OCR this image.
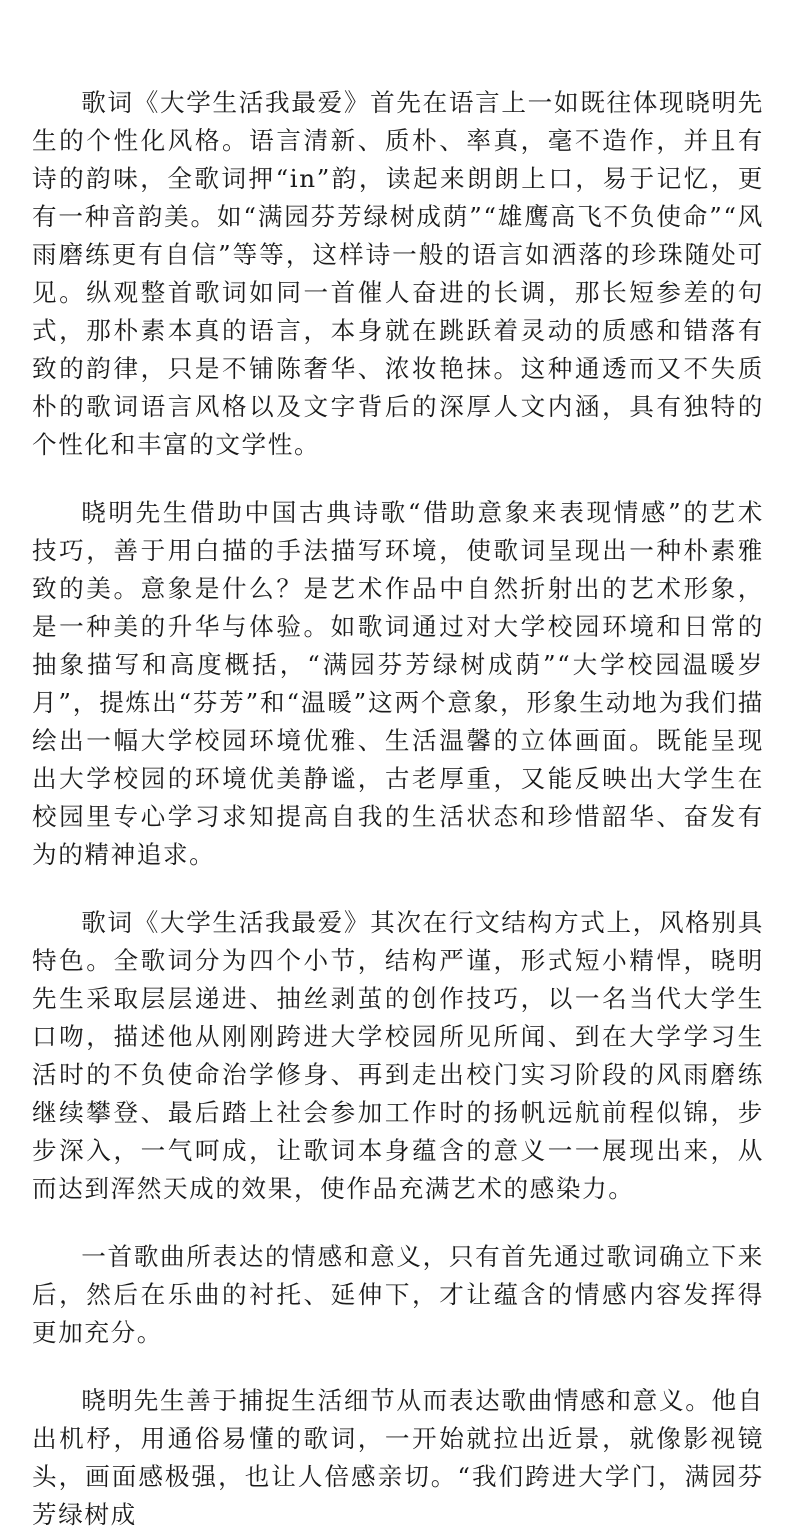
歌词《大学生活我最爱》首先在语言上一如既往体现晓明先生的个性化风格。语言清新、质朴、率真，毫不造作，并且有诗的韵味，全歌词押“in”韵，读起来朗朗上口，易于记忆，更有一种音韵美。如“满园芬芳绿树成荫”“雄鹰高飞不负使命”“风雨磨练更有自信”等等，这样诗一般的语言如洒落的珍珠随处可见。纵观整首歌词如同一首催人奋进的长调，那长短参差的句式，那朴素本真的语言，本身就在跳跃着灵动的质感和错落有致的韵律，只是不铺陈奢华、浓妆艳抹。这种通透而又不失质朴的歌词语言风格以及文字背后的深厚人文内涵，具有独特的个性化和丰富的文学性。

晓明先生借助中国古典诗歌“借助意象来表现情感”的艺术技巧，善于用白描的手法描写环境，使歌词呈现出一种朴素雅致的美。意象是什么？是艺术作品中自然折射出的艺术形象，是一种美的升华与体验。如歌词通过对大学校园环境和日常的抽象描写和高度概括，“满园芬芳绿树成荫”“大学校园温暖岁月”，提炼出“芬芳”和“温暖”这两个意象，形象生动地为我们描绘出一幅大学校园环境优雅、生活温馨的立体画面。既能呈现出大学校园的环境优美静谧，古老厚重，又能反映出大学生在校园里专心学习求知提高自我的生活状态和珍惜韶华、奋发有为的精神追求。

歌词《大学生活我最爱》其次在行文结构方式上，风格别具特色。全歌词分为四个小节，结构严谨，形式短小精悍，晓明先生采取层层递进、抽丝剥茧的创作技巧，以一名当代大学生口吻，描述他从刚刚跨进大学校园所见所闻、到在大学学习生活时的不负使命治学修身、再到走出校门实习阶段的风雨磨练继续攀登、最后踏上社会参加工作时的扬帆远航前程似锦，步步深入，一气呵成，让歌词本身蕴含的意义一一展现出来，从而达到浑然天成的效果，使作品充满艺术的感染力。

一首歌曲所表达的情感和意义，只有首先通过歌词确立下来后，然后在乐曲的衬托、延伸下，才让蕴含的情感内容发挥得更加充分。

晓明先生善于捕捉生活细节从而表达歌曲情感和意义。他自出机杼，用通俗易懂的歌词，一开始就拉出近景，就像影视镜头，画面感极强，也让人倍感亲切。“我们跨进大学门，满园芬芳绿树成
